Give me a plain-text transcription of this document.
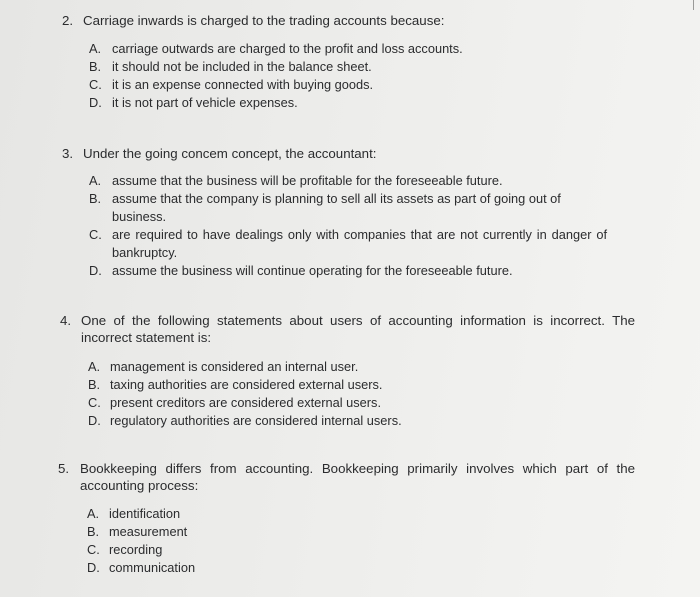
2. Carriage inwards is charged to the trading accounts because:
A. carriage outwards are charged to the profit and loss accounts.
B. it should not be included in the balance sheet.
C. it is an expense connected with buying goods.
D. it is not part of vehicle expenses.
3. Under the going concem concept, the accountant:
A. assume that the business will be profitable for the foreseeable future.
B. assume that the company is planning to sell all its assets as part of going out of business.
C. are required to have dealings only with companies that are not currently in danger of bankruptcy.
D. assume the business will continue operating for the foreseeable future.
4. One of the following statements about users of accounting information is incorrect. The incorrect statement is:
A. management is considered an internal user.
B. taxing authorities are considered external users.
C. present creditors are considered external users.
D. regulatory authorities are considered internal users.
5. Bookkeeping differs from accounting. Bookkeeping primarily involves which part of the accounting process:
A. identification
B. measurement
C. recording
D. communication
